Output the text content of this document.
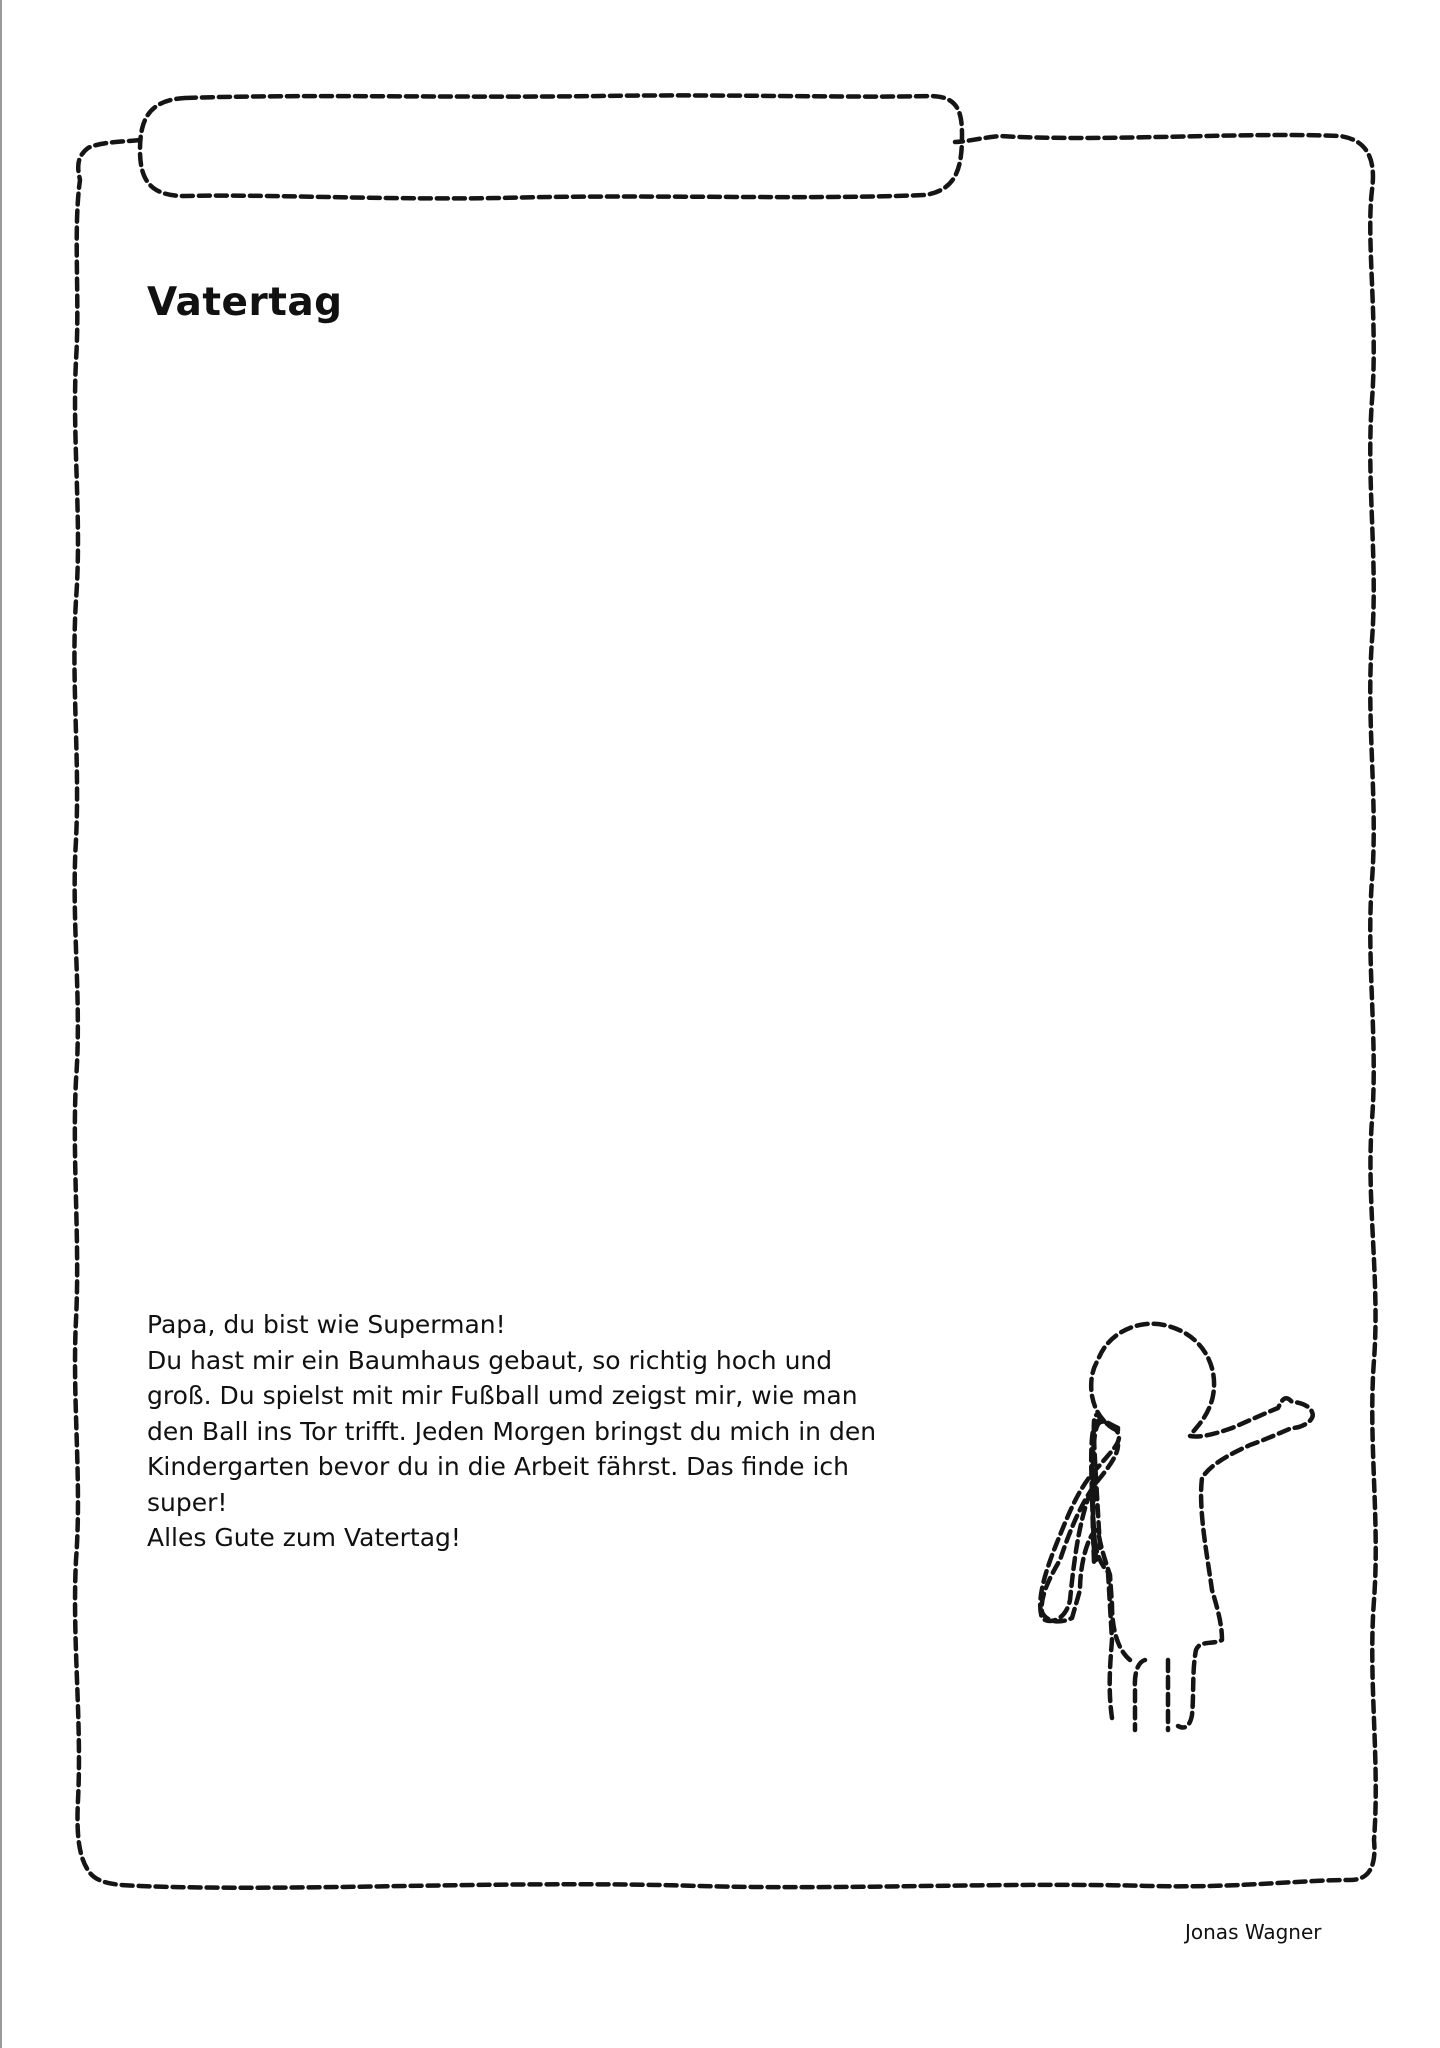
Vatertag
Papa, du bist wie Superman!
Du hast mir ein Baumhaus gebaut, so richtig hoch und
groß. Du spielst mit mir Fußball umd zeigst mir, wie man
den Ball ins Tor trifft. Jeden Morgen bringst du mich in den
Kindergarten bevor du in die Arbeit fährst. Das finde ich
super!
Alles Gute zum Vatertag!
Jonas Wagner
